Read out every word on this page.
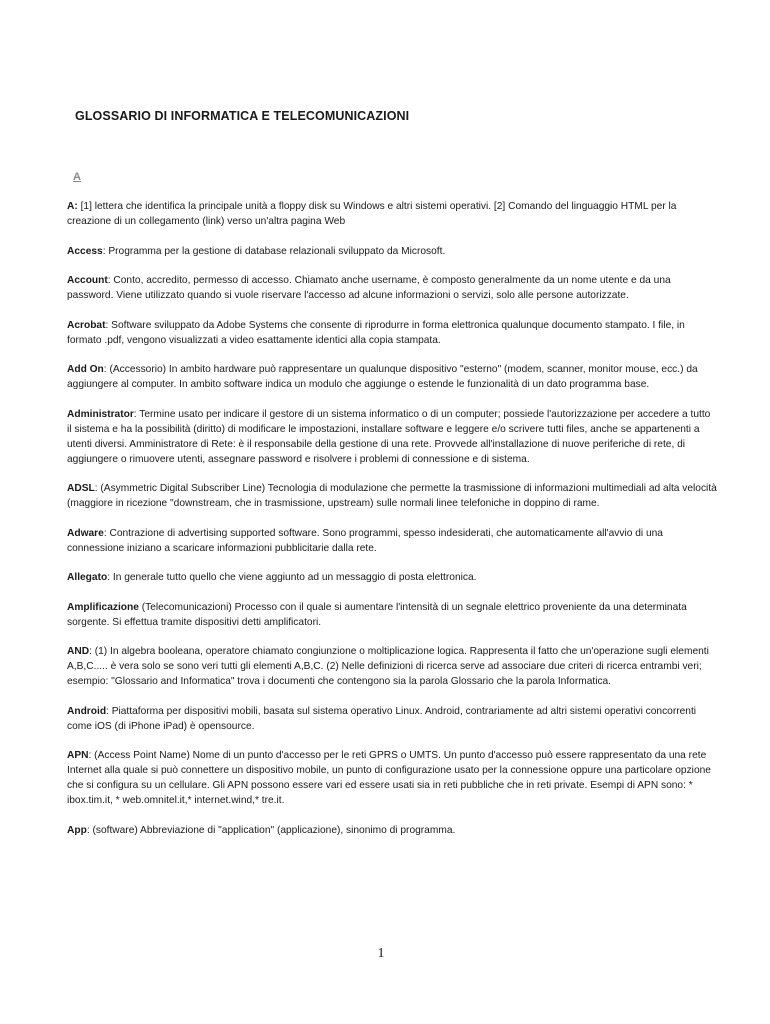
GLOSSARIO DI INFORMATICA E TELECOMUNICAZIONI
A

A: [1] lettera che identifica la principale unità a floppy disk su Windows e altri sistemi operativi. [2] Comando del linguaggio HTML per la creazione di un collegamento (link) verso un'altra pagina Web

Access: Programma per la gestione di database relazionali sviluppato da Microsoft.

Account: Conto, accredito, permesso di accesso. Chiamato anche username, è composto generalmente da un nome utente e da una password. Viene utilizzato quando si vuole riservare l'accesso ad alcune informazioni o servizi, solo alle persone autorizzate.

Acrobat: Software sviluppato da Adobe Systems che consente di riprodurre in forma elettronica qualunque documento stampato. I file, in formato .pdf, vengono visualizzati a video esattamente identici alla copia stampata.

Add On: (Accessorio) In ambito hardware può rappresentare un qualunque dispositivo "esterno" (modem, scanner, monitor mouse, ecc.) da aggiungere al computer. In ambito software indica un modulo che aggiunge o estende le funzionalità di un dato programma base.

Administrator: Termine usato per indicare il gestore di un sistema informatico o di un computer; possiede l'autorizzazione per accedere a tutto il sistema e ha la possibilità (diritto) di modificare le impostazioni, installare software e leggere e/o scrivere tutti files, anche se appartenenti a utenti diversi. Amministratore di Rete: è il responsabile della gestione di una rete. Provvede all'installazione di nuove periferiche di rete, di aggiungere o rimuovere utenti, assegnare password e risolvere i problemi di connessione e di sistema.

ADSL: (Asymmetric Digital Subscriber Line) Tecnologia di modulazione che permette la trasmissione di informazioni multimediali ad alta velocità (maggiore in ricezione "downstream, che in trasmissione, upstream) sulle normali linee telefoniche in doppino di rame.

Adware: Contrazione di advertising supported software. Sono programmi, spesso indesiderati, che automaticamente all'avvio di una connessione iniziano a scaricare informazioni pubblicitarie dalla rete.

Allegato: In generale tutto quello che viene aggiunto ad un messaggio di posta elettronica.

Amplificazione (Telecomunicazioni) Processo con il quale si aumentare l'intensità di un segnale elettrico proveniente da una determinata sorgente. Si effettua tramite dispositivi detti amplificatori.

AND: (1) In algebra booleana, operatore chiamato congiunzione o moltiplicazione logica. Rappresenta il fatto che un'operazione sugli elementi A,B,C..... è vera solo se sono veri tutti gli elementi A,B,C. (2) Nelle definizioni di ricerca serve ad associare due criteri di ricerca entrambi veri; esempio: "Glossario and Informatica" trova i documenti che contengono sia la parola Glossario che la parola Informatica.

Android: Piattaforma per dispositivi mobili, basata sul sistema operativo Linux. Android, contrariamente ad altri sistemi operativi concorrenti come iOS (di iPhone iPad) è opensource.

APN: (Access Point Name) Nome di un punto d'accesso per le reti GPRS o UMTS. Un punto d'accesso può essere rappresentato da una rete Internet alla quale si può connettere un dispositivo mobile, un punto di configurazione usato per la connessione oppure una particolare opzione che si configura su un cellulare. Gli APN possono essere vari ed essere usati sia in reti pubbliche che in reti private. Esempi di APN sono: * ibox.tim.it, * web.omnitel.it,* internet.wind,* tre.it.

App: (software) Abbreviazione di "application" (applicazione), sinonimo di programma.

1
